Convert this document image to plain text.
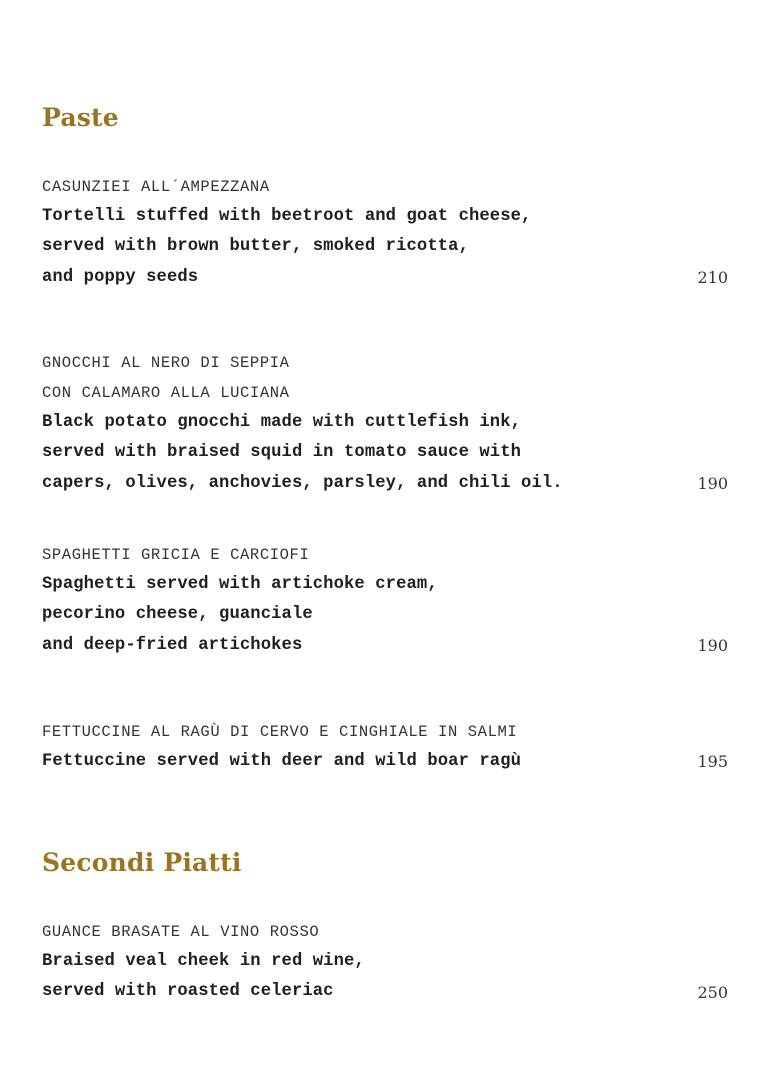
Paste
CASUNZIEI ALL´AMPEZZANA
Tortelli stuffed with beetroot and goat cheese,
served with brown butter, smoked ricotta,
and poppy seeds	210
GNOCCHI AL NERO DI SEPPIA
CON CALAMARO ALLA LUCIANA
Black potato gnocchi made with cuttlefish ink,
served with braised squid in tomato sauce with
capers, olives, anchovies, parsley, and chili oil.	190
SPAGHETTI GRICIA E CARCIOFI
Spaghetti served with artichoke cream,
pecorino cheese, guanciale
and deep-fried artichokes	190
FETTUCCINE AL RAGÙ DI CERVO E CINGHIALE IN SALMI
Fettuccine served with deer and wild boar ragù	195
Secondi Piatti
GUANCE BRASATE AL VINO ROSSO
Braised veal cheek in red wine,
served with roasted celeriac	250
